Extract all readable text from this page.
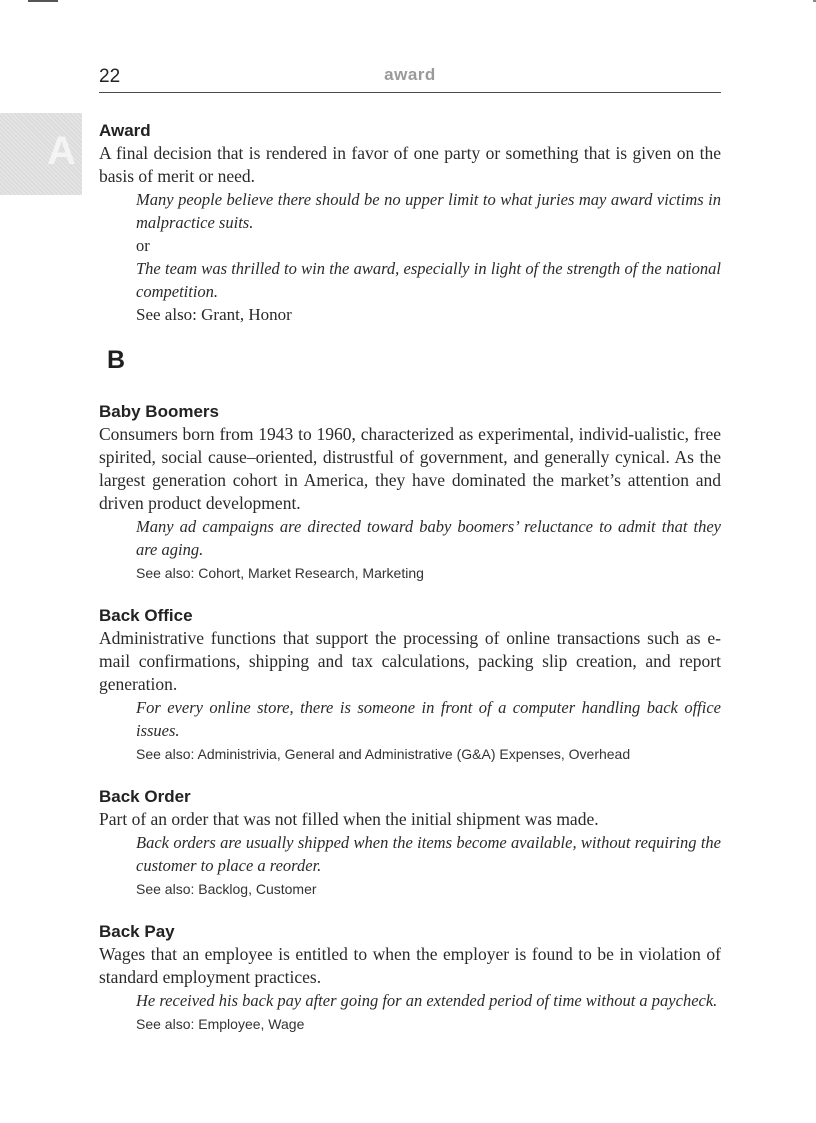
22	award
A Award

A final decision that is rendered in favor of one party or something that is given on the basis of merit or need.

Many people believe there should be no upper limit to what juries may award victims in malpractice suits.

or

The team was thrilled to win the award, especially in light of the strength of the national competition.

See also: Grant, Honor

B

Baby Boomers

Consumers born from 1943 to 1960, characterized as experimental, individ-ualistic, free spirited, social cause–oriented, distrustful of government, and generally cynical. As the largest generation cohort in America, they have dominated the market’s attention and driven product development.

Many ad campaigns are directed toward baby boomers’ reluctance to admit that they are aging.

See also: Cohort, Market Research, Marketing

Back Office

Administrative functions that support the processing of online transactions such as e-mail confirmations, shipping and tax calculations, packing slip creation, and report generation.

For every online store, there is someone in front of a computer handling back office issues.

See also: Administrivia, General and Administrative (G&A) Expenses, Overhead

Back Order

Part of an order that was not filled when the initial shipment was made.

Back orders are usually shipped when the items become available, without requiring the customer to place a reorder.

See also: Backlog, Customer

Back Pay

Wages that an employee is entitled to when the employer is found to be in violation of standard employment practices.

He received his back pay after going for an extended period of time without a paycheck.

See also: Employee, Wage
